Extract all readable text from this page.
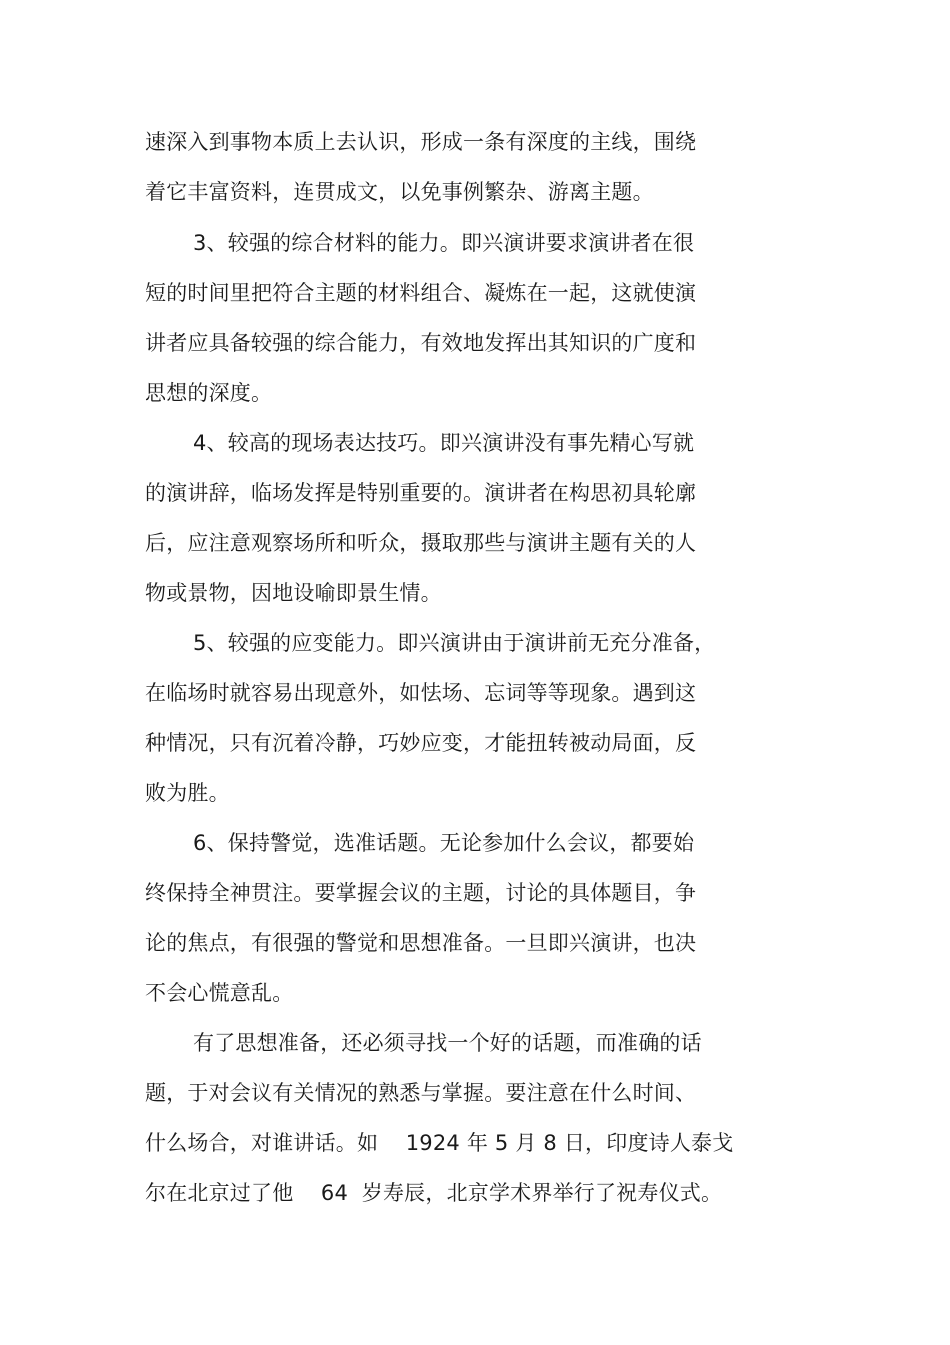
速深入到事物本质上去认识，形成一条有深度的主线，围绕
着它丰富资料，连贯成文，以免事例繁杂、游离主题。
3、较强的综合材料的能力。即兴演讲要求演讲者在很
短的时间里把符合主题的材料组合、凝炼在一起，这就使演
讲者应具备较强的综合能力，有效地发挥出其知识的广度和
思想的深度。
4、较高的现场表达技巧。即兴演讲没有事先精心写就
的演讲辞，临场发挥是特别重要的。演讲者在构思初具轮廓
后，应注意观察场所和听众，摄取那些与演讲主题有关的人
物或景物，因地设喻即景生情。
5、较强的应变能力。即兴演讲由于演讲前无充分准备，
在临场时就容易出现意外，如怯场、忘词等等现象。遇到这
种情况，只有沉着冷静，巧妙应变，才能扭转被动局面，反
败为胜。
6、保持警觉，选准话题。无论参加什么会议，都要始
终保持全神贯注。要掌握会议的主题，讨论的具体题目，争
论的焦点，有很强的警觉和思想准备。一旦即兴演讲，也决
不会心慌意乱。
有了思想准备，还必须寻找一个好的话题，而准确的话
题，于对会议有关情况的熟悉与掌握。要注意在什么时间、
什么场合，对谁讲话。如    1924 年 5 月 8 日，印度诗人泰戈
尔在北京过了他    64  岁寿辰，北京学术界举行了祝寿仪式。
